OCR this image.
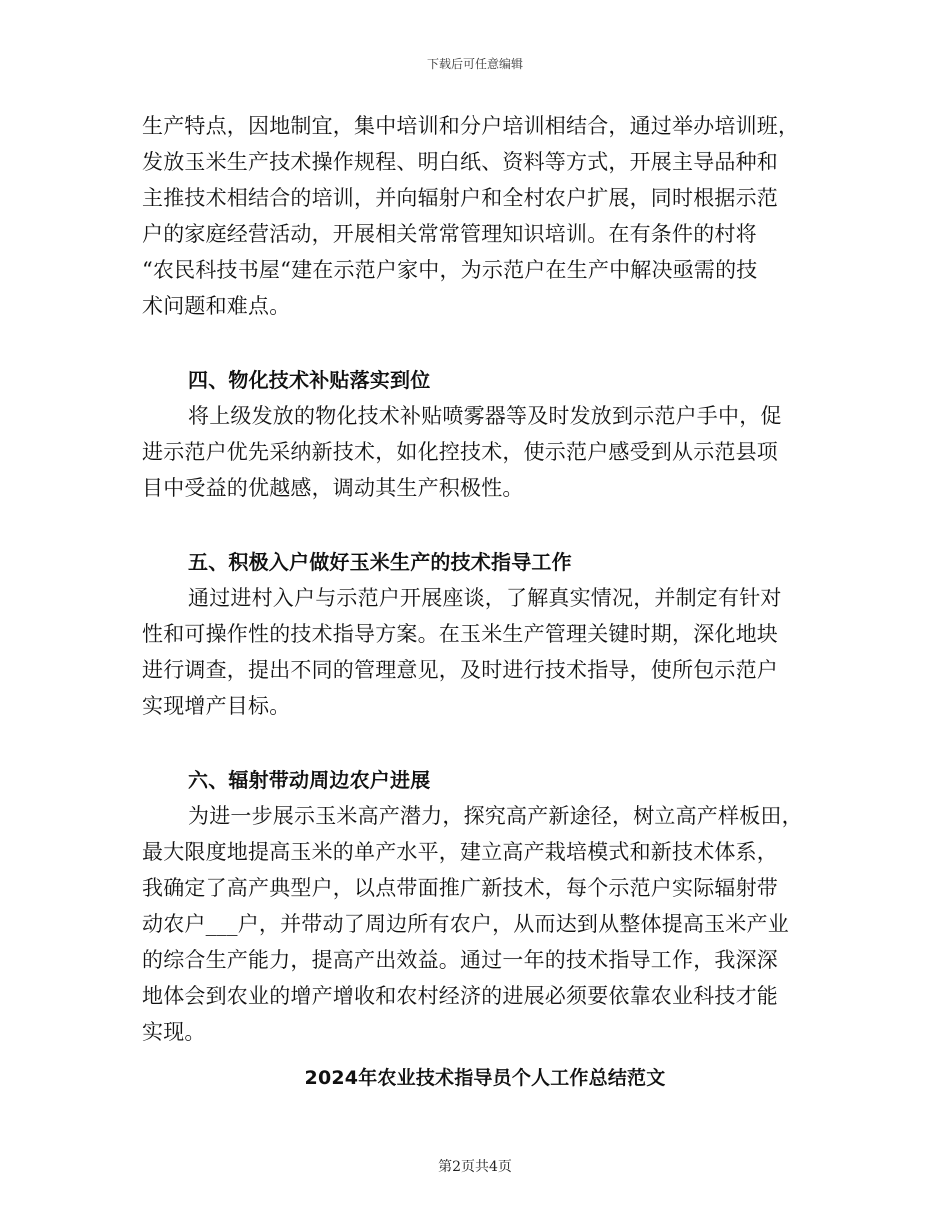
下载后可任意编辑
生产特点，因地制宜，集中培训和分户培训相结合，通过举办培训班，
发放玉米生产技术操作规程、明白纸、资料等方式，开展主导品种和
主推技术相结合的培训，并向辐射户和全村农户扩展，同时根据示范
户的家庭经营活动，开展相关常常管理知识培训。在有条件的村将
“农民科技书屋“建在示范户家中，为示范户在生产中解决亟需的技
术问题和难点。
四、物化技术补贴落实到位
将上级发放的物化技术补贴喷雾器等及时发放到示范户手中，促
进示范户优先采纳新技术，如化控技术，使示范户感受到从示范县项
目中受益的优越感，调动其生产积极性。
五、积极入户做好玉米生产的技术指导工作
通过进村入户与示范户开展座谈，了解真实情况，并制定有针对
性和可操作性的技术指导方案。在玉米生产管理关键时期，深化地块
进行调查，提出不同的管理意见，及时进行技术指导，使所包示范户
实现增产目标。
六、辐射带动周边农户进展
为进一步展示玉米高产潜力，探究高产新途径，树立高产样板田，
最大限度地提高玉米的单产水平，建立高产栽培模式和新技术体系，
我确定了高产典型户，以点带面推广新技术，每个示范户实际辐射带
动农户___户，并带动了周边所有农户，从而达到从整体提高玉米产业
的综合生产能力，提高产出效益。通过一年的技术指导工作，我深深
地体会到农业的增产增收和农村经济的进展必须要依靠农业科技才能
实现。
2024年农业技术指导员个人工作总结范文
第2页共4页
